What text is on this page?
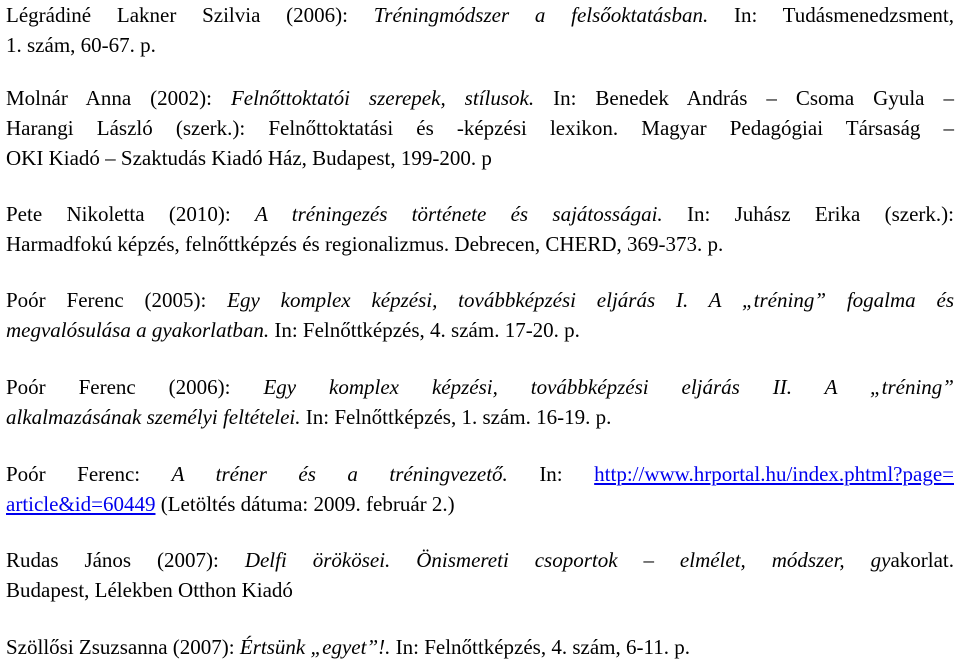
Légrádiné Lakner Szilvia (2006): Tréningmódszer a felsőoktatásban. In: Tudásmenedzsment,
1. szám, 60-67. p.
Molnár Anna (2002): Felnőttoktatói szerepek, stílusok. In: Benedek András – Csoma Gyula –
Harangi László (szerk.): Felnőttoktatási és -képzési lexikon. Magyar Pedagógiai Társaság –
OKI Kiadó – Szaktudás Kiadó Ház, Budapest, 199-200. p
Pete Nikoletta (2010): A tréningezés története és sajátosságai. In: Juhász Erika (szerk.):
Harmadfokú képzés, felnőttképzés és regionalizmus. Debrecen, CHERD, 369-373. p.
Poór Ferenc (2005): Egy komplex képzési, továbbképzési eljárás I. A „tréning” fogalma és
megvalósulása a gyakorlatban. In: Felnőttképzés, 4. szám. 17-20. p.
Poór Ferenc (2006): Egy komplex képzési, továbbképzési eljárás II. A „tréning”
alkalmazásának személyi feltételei. In: Felnőttképzés, 1. szám. 16-19. p.
Poór Ferenc: A tréner és a tréningvezető. In: http://www.hrportal.hu/index.phtml?page=
article&id=60449 (Letöltés dátuma: 2009. február 2.)
Rudas János (2007): Delfi örökösei. Önismereti csoportok – elmélet, módszer, gyakorlat.
Budapest, Lélekben Otthon Kiadó
Szöllősi Zsuzsanna (2007): Értsünk „egyet”!. In: Felnőttképzés, 4. szám, 6-11. p.
